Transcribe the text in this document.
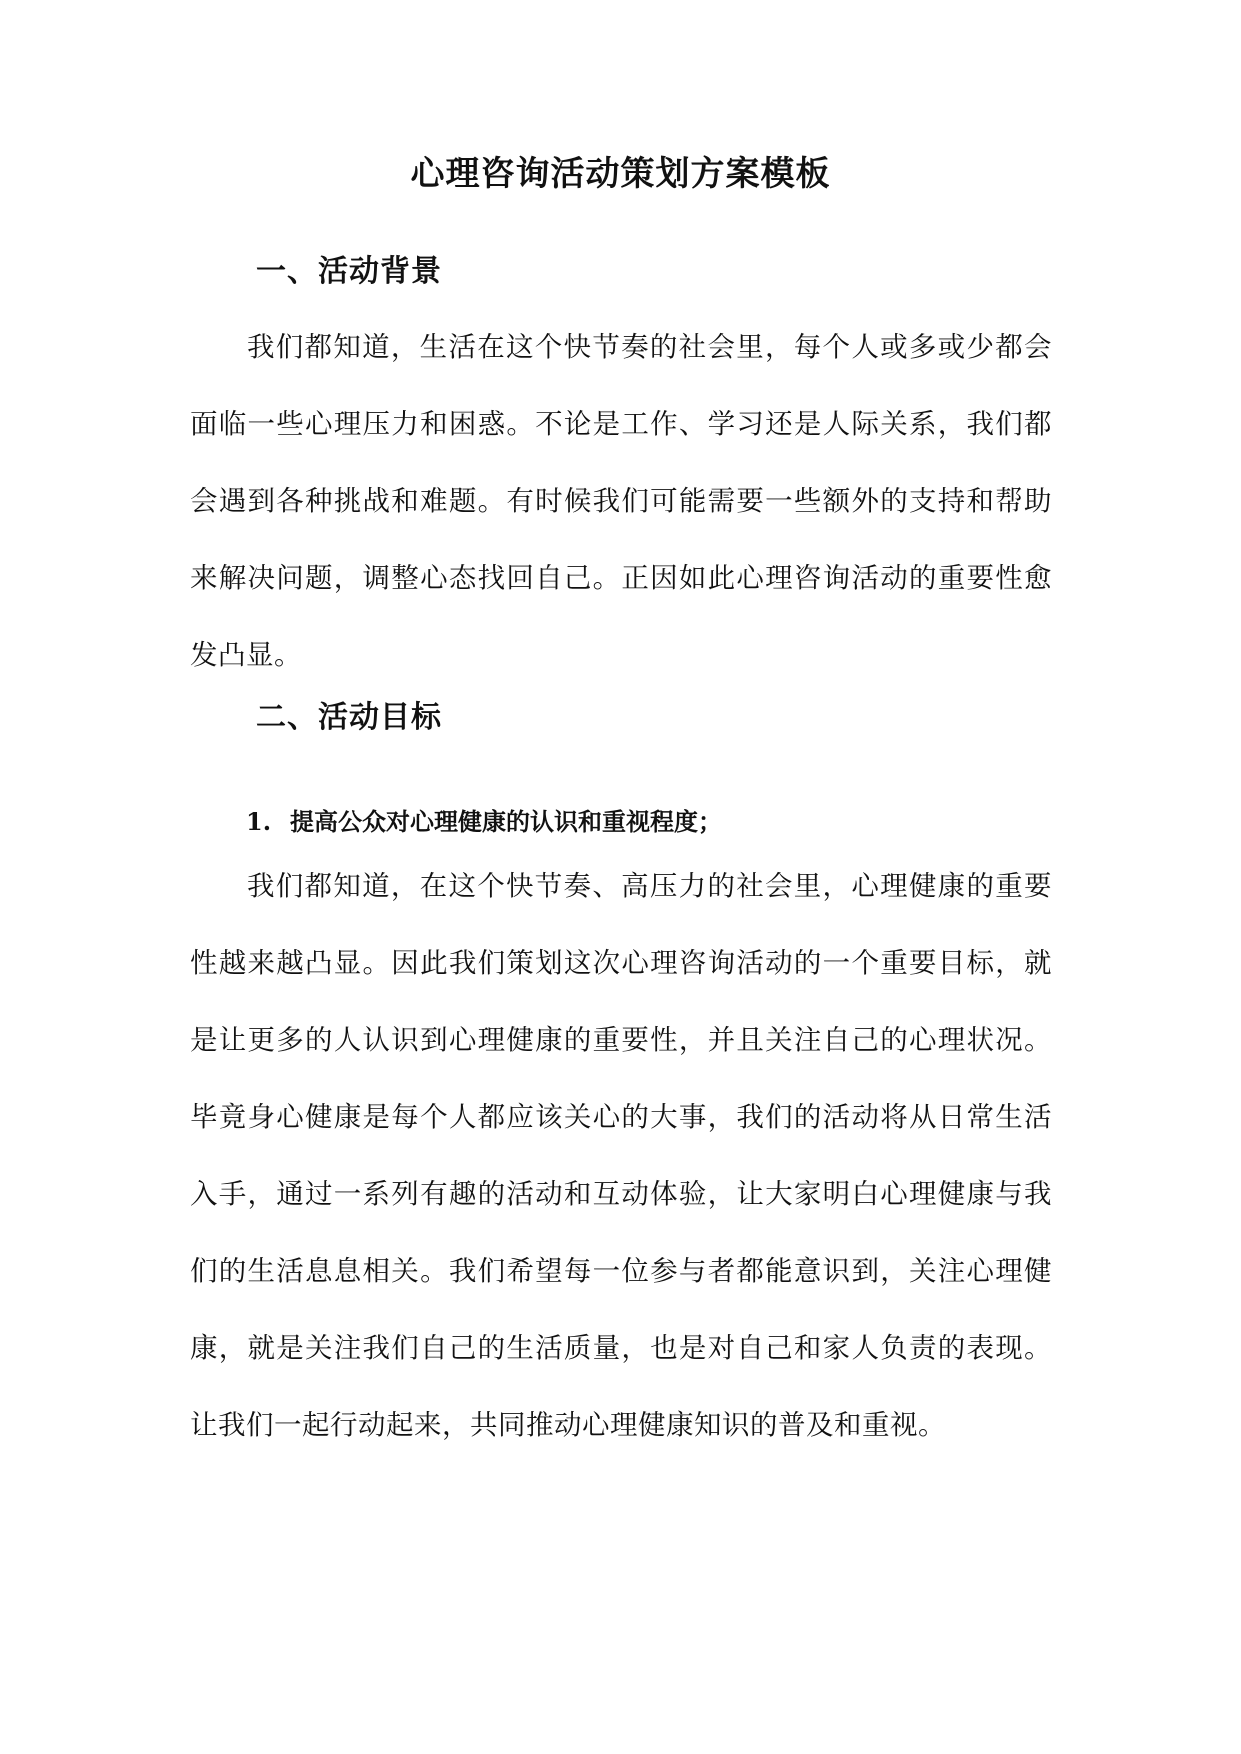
心理咨询活动策划方案模板
一、活动背景

我们都知道，生活在这个快节奏的社会里，每个人或多或少都会面临一些心理压力和困惑。不论是工作、学习还是人际关系，我们都会遇到各种挑战和难题。有时候我们可能需要一些额外的支持和帮助来解决问题，调整心态找回自己。正因如此心理咨询活动的重要性愈发凸显。

二、活动目标
1. 提高公众对心理健康的认识和重视程度；

我们都知道，在这个快节奏、高压力的社会里，心理健康的重要性越来越凸显。因此我们策划这次心理咨询活动的一个重要目标，就是让更多的人认识到心理健康的重要性，并且关注自己的心理状况。毕竟身心健康是每个人都应该关心的大事，我们的活动将从日常生活入手，通过一系列有趣的活动和互动体验，让大家明白心理健康与我们的生活息息相关。我们希望每一位参与者都能意识到，关注心理健康，就是关注我们自己的生活质量，也是对自己和家人负责的表现。让我们一起行动起来，共同推动心理健康知识的普及和重视。
